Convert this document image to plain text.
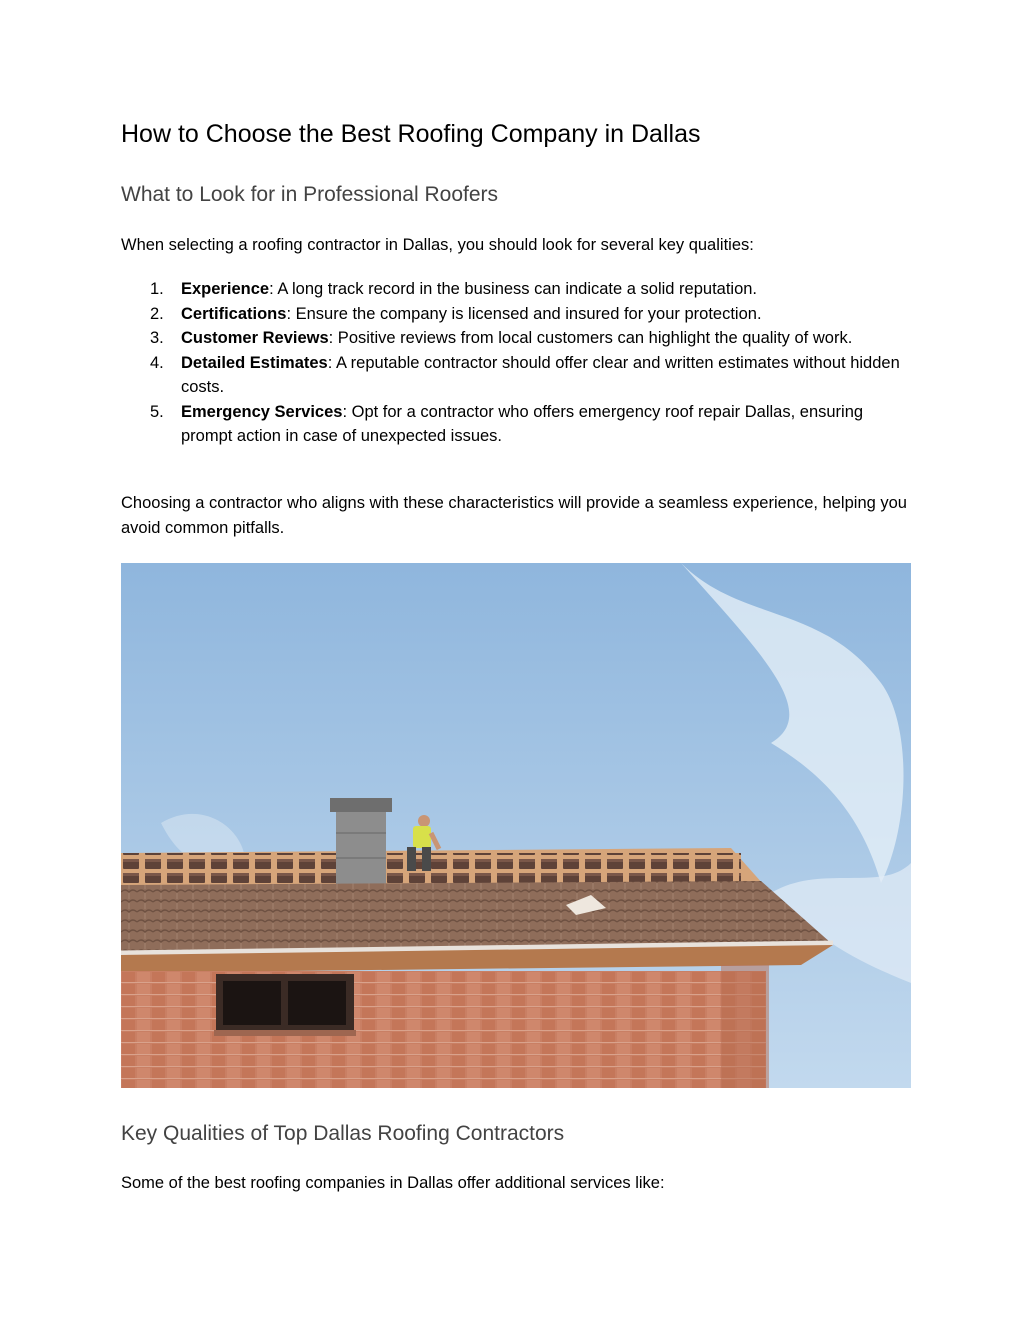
How to Choose the Best Roofing Company in Dallas
What to Look for in Professional Roofers

When selecting a roofing contractor in Dallas, you should look for several key qualities:

1. Experience: A long track record in the business can indicate a solid reputation.
2. Certifications: Ensure the company is licensed and insured for your protection.
3. Customer Reviews: Positive reviews from local customers can highlight the quality of work.
4. Detailed Estimates: A reputable contractor should offer clear and written estimates without hidden costs.
5. Emergency Services: Opt for a contractor who offers emergency roof repair Dallas, ensuring prompt action in case of unexpected issues.

Choosing a contractor who aligns with these characteristics will provide a seamless experience, helping you avoid common pitfalls.

Key Qualities of Top Dallas Roofing Contractors

Some of the best roofing companies in Dallas offer additional services like:
